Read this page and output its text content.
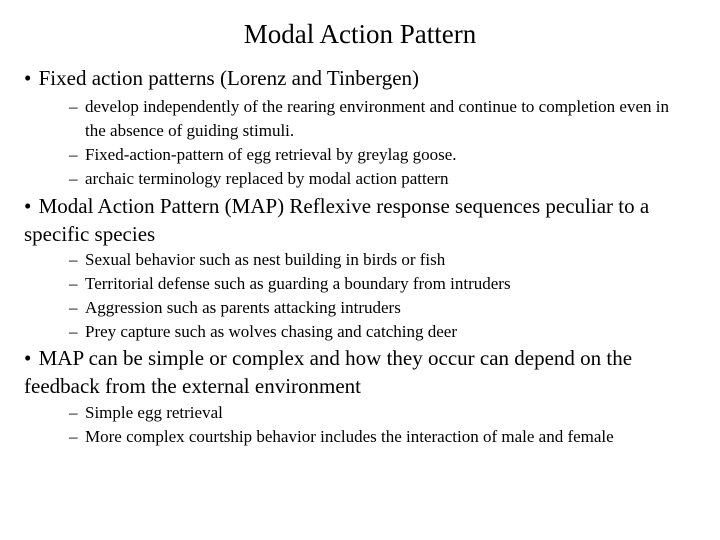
Modal Action Pattern
• Fixed action patterns (Lorenz and Tinbergen)
– develop independently of the rearing environment and continue to completion even in the absence of guiding stimuli.
– Fixed-action-pattern of egg retrieval by greylag goose.
– archaic terminology replaced by modal action pattern
• Modal Action Pattern (MAP) Reflexive response sequences peculiar to a specific species
– Sexual behavior such as nest building in birds or fish
– Territorial defense such as guarding a boundary from intruders
– Aggression such as parents attacking intruders
– Prey capture such as wolves chasing and catching deer
• MAP can be simple or complex and how they occur can depend on the feedback from the external environment
– Simple egg retrieval
– More complex courtship behavior includes the interaction of male and female
